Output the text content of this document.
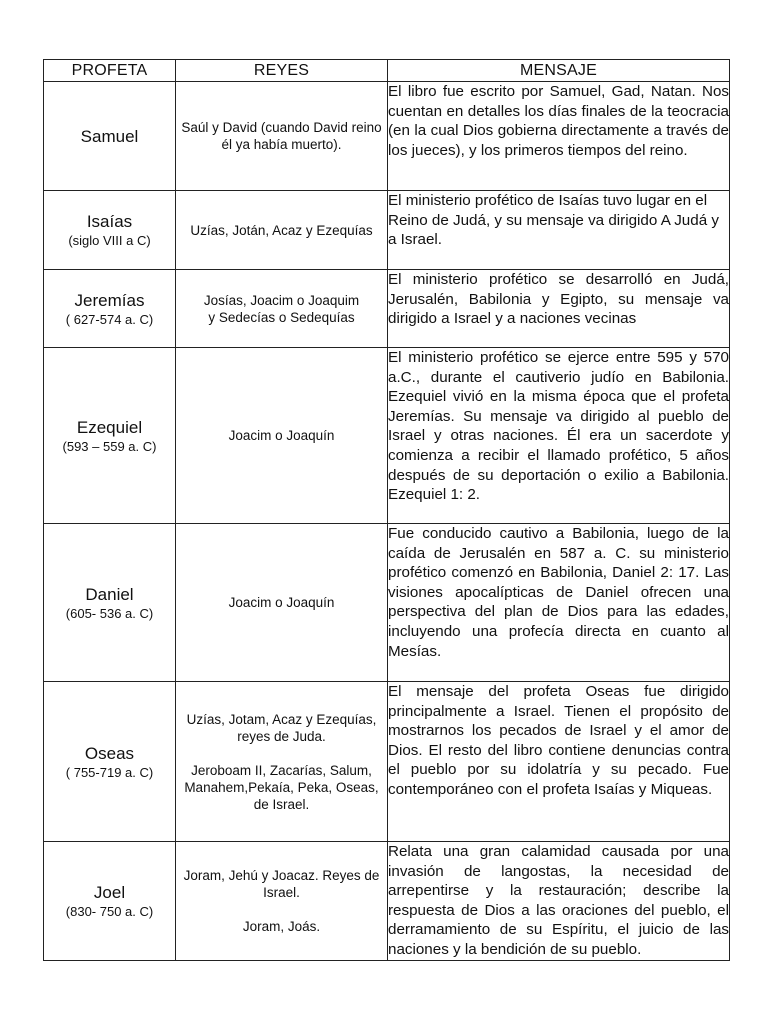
PROFETA	REYES	MENSAJE

Samuel	Saúl y David (cuando David reino él ya había muerto).	El libro fue escrito por Samuel, Gad, Natan. Nos cuentan en detalles los días finales de la teocracia (en la cual Dios gobierna directamente a través de los jueces), y los primeros tiempos del reino.

Isaías
(siglo VIII a C)	Uzías, Jotán, Acaz y Ezequías	El ministerio profético de Isaías tuvo lugar en el Reino de Judá, y su mensaje va dirigido A Judá y a Israel.

Jeremías
( 627-574 a. C)	Josías, Joacim o Joaquim
y Sedecías o Sedequías	El ministerio profético se desarrolló en Judá, Jerusalén, Babilonia y Egipto, su mensaje va dirigido a Israel y a naciones vecinas

Ezequiel
(593 – 559 a. C)	Joacim o Joaquín	El ministerio profético se ejerce entre 595 y 570 a.C., durante el cautiverio judío en Babilonia. Ezequiel vivió en la misma época que el profeta Jeremías. Su mensaje va dirigido al pueblo de Israel y otras naciones. Él era un sacerdote y comienza a recibir el llamado profético, 5 años después de su deportación o exilio a Babilonia. Ezequiel 1: 2.

Daniel
(605- 536 a. C)	Joacim o Joaquín	Fue conducido cautivo a Babilonia, luego de la caída de Jerusalén en 587 a. C. su ministerio profético comenzó en Babilonia, Daniel 2: 17. Las visiones apocalípticas de Daniel ofrecen una perspectiva del plan de Dios para las edades, incluyendo una profecía directa en cuanto al Mesías.

Oseas
( 755-719 a. C)	Uzías, Jotam, Acaz y Ezequías, reyes de Juda.
Jeroboam II, Zacarías, Salum, Manahem,Pekaía, Peka, Oseas, de Israel.	El mensaje del profeta Oseas fue dirigido principalmente a Israel. Tienen el propósito de mostrarnos los pecados de Israel y el amor de Dios. El resto del libro contiene denuncias contra el pueblo por su idolatría y su pecado. Fue contemporáneo con el profeta Isaías y Miqueas.

Joel
(830- 750 a. C)	Joram, Jehú y Joacaz. Reyes de Israel.
Joram, Joás.	Relata una gran calamidad causada por una invasión de langostas, la necesidad de arrepentirse y la restauración; describe la respuesta de Dios a las oraciones del pueblo, el derramamiento de su Espíritu, el juicio de las naciones y la bendición de su pueblo.
